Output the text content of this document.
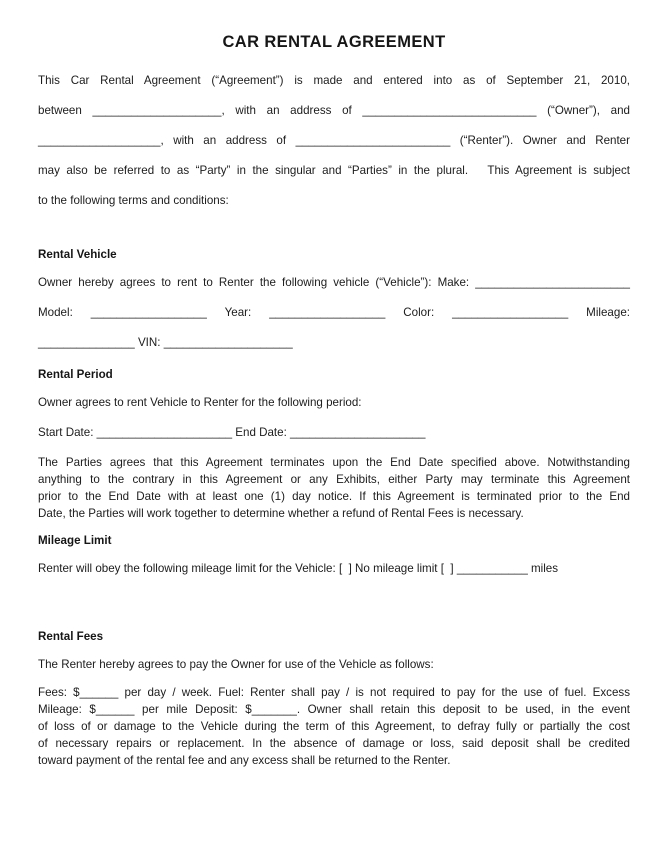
CAR RENTAL AGREEMENT
This Car Rental Agreement (“Agreement”) is made and entered into as of September 21, 2010,
between ____________________, with an address of ___________________________ (“Owner”), and
___________________, with an address of ________________________ (“Renter”). Owner and Renter
may also be referred to as “Party” in the singular and “Parties” in the plural.   This Agreement is subject
to the following terms and conditions:
Rental Vehicle
Owner hereby agrees to rent to Renter the following vehicle (“Vehicle”): Make: ________________________
Model: __________________ Year: __________________ Color: __________________ Mileage:
_______________ VIN: ____________________
Rental Period
Owner agrees to rent Vehicle to Renter for the following period:
Start Date: _____________________ End Date: _____________________
The Parties agrees that this Agreement terminates upon the End Date specified above. Notwithstanding
anything to the contrary in this Agreement or any Exhibits, either Party may terminate this Agreement
prior to the End Date with at least one (1) day notice. If this Agreement is terminated prior to the End
Date, the Parties will work together to determine whether a refund of Rental Fees is necessary.
Mileage Limit
Renter will obey the following mileage limit for the Vehicle: [  ] No mileage limit [  ] ___________ miles
Rental Fees
The Renter hereby agrees to pay the Owner for use of the Vehicle as follows:
Fees: $______ per day / week. Fuel: Renter shall pay / is not required to pay for the use of fuel. Excess
Mileage: $______ per mile Deposit: $_______. Owner shall retain this deposit to be used, in the event
of loss of or damage to the Vehicle during the term of this Agreement, to defray fully or partially the cost
of necessary repairs or replacement. In the absence of damage or loss, said deposit shall be credited
toward payment of the rental fee and any excess shall be returned to the Renter.
